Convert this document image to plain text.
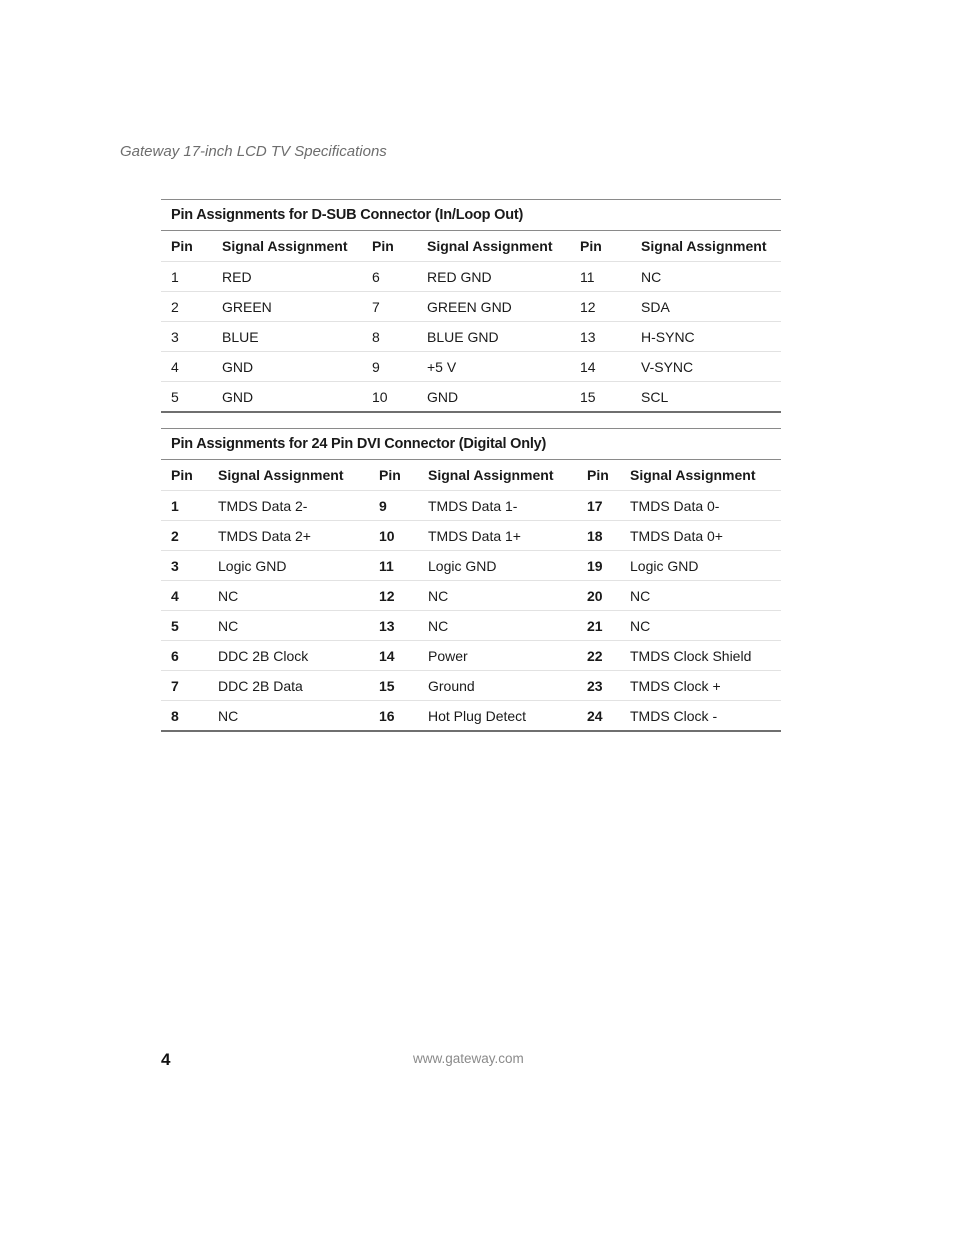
Gateway 17-inch LCD TV Specifications
Pin Assignments for D-SUB Connector (In/Loop Out)					
Pin	Signal Assignment	Pin	Signal Assignment	Pin	Signal Assignment
1	RED	6	RED GND	11	NC
2	GREEN	7	GREEN GND	12	SDA
3	BLUE	8	BLUE GND	13	H-SYNC
4	GND	9	+5 V	14	V-SYNC
5	GND	10	GND	15	SCL
Pin Assignments for 24 Pin DVI Connector (Digital Only)					
Pin	Signal Assignment	Pin	Signal Assignment	Pin	Signal Assignment
1	TMDS Data 2-	9	TMDS Data 1-	17	TMDS Data 0-
2	TMDS Data 2+	10	TMDS Data 1+	18	TMDS Data 0+
3	Logic GND	11	Logic GND	19	Logic GND
4	NC	12	NC	20	NC
5	NC	13	NC	21	NC
6	DDC 2B Clock	14	Power	22	TMDS Clock Shield
7	DDC 2B Data	15	Ground	23	TMDS Clock +
8	NC	16	Hot Plug Detect	24	TMDS Clock -
4	www.gateway.com
